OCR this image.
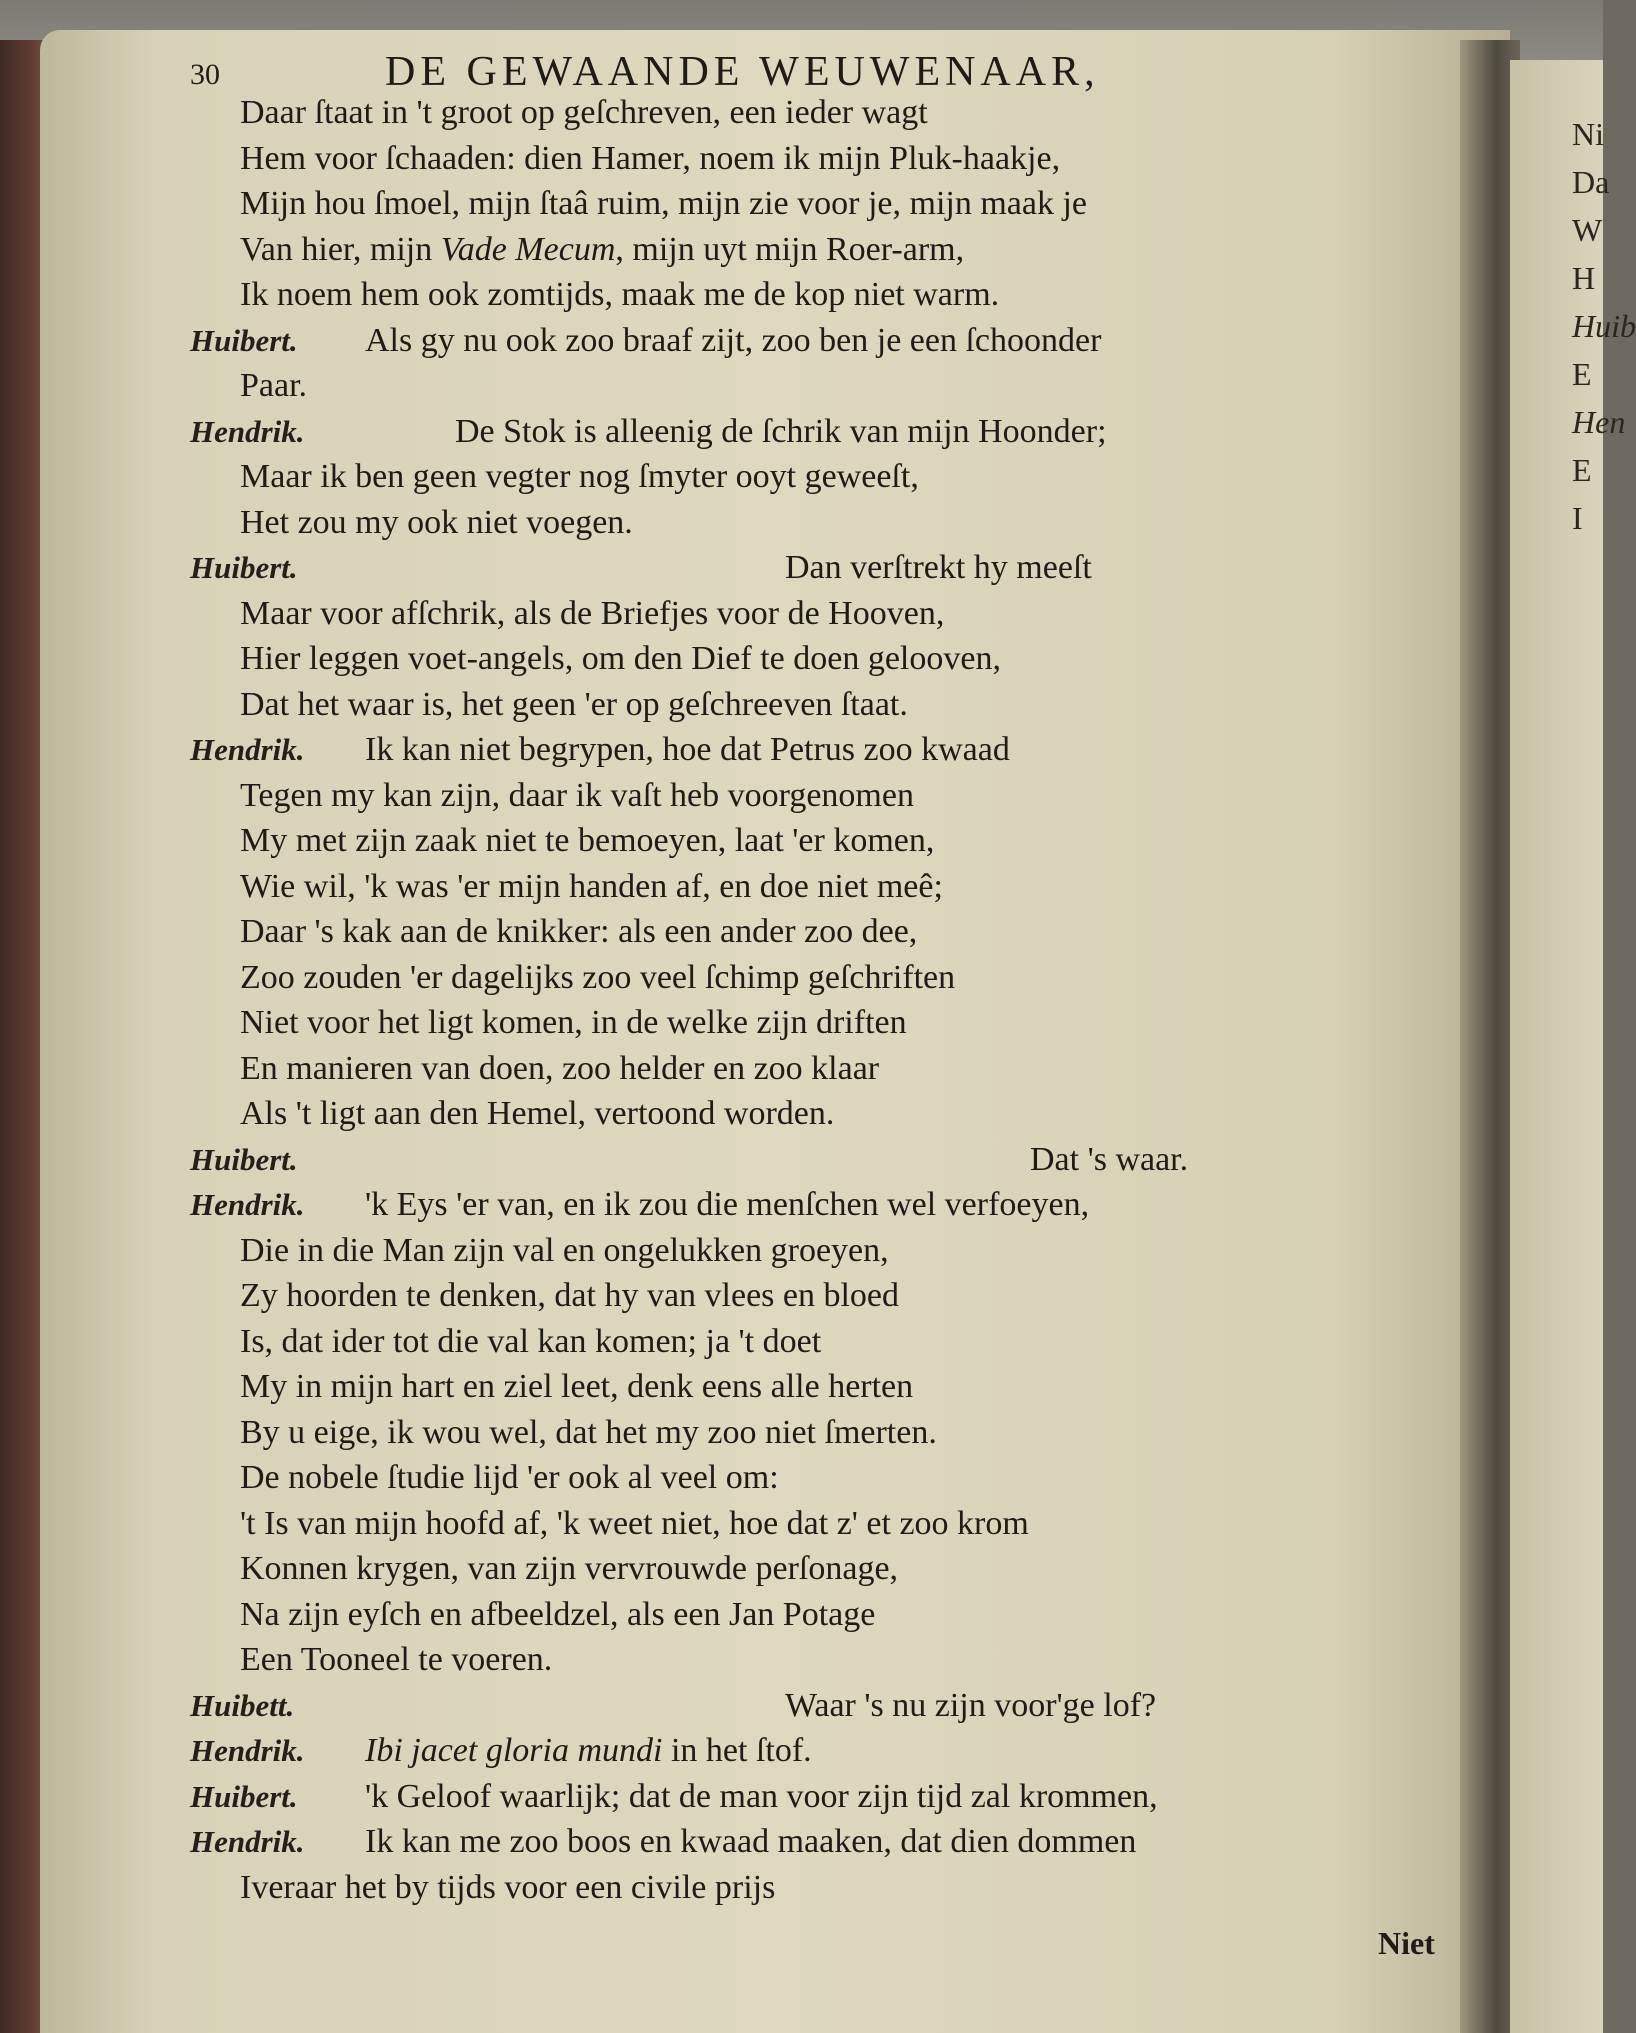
Ni
Da
W
H
Huib
E
Hen
E
I
30	DE GEWAANDE WEUWENAAR,
Daar ſtaat in 't groot op geſchreven, een ieder wagt
Hem voor ſchaaden: dien Hamer, noem ik mijn Pluk-haakje,
Mijn hou ſmoel, mijn ſtaâ ruim, mijn zie voor je, mijn maak je
Van hier, mijn Vade Mecum, mijn uyt mijn Roer-arm,
Ik noem hem ook zomtijds, maak me de kop niet warm.
Huibert. Als gy nu ook zoo braaf zijt, zoo ben je een ſchoonder
Paar.
Hendrik.	De Stok is alleenig de ſchrik van mijn Hoonder;
Maar ik ben geen vegter nog ſmyter ooyt geweeſt,
Het zou my ook niet voegen.
Huibert.	Dan verſtrekt hy meeſt
Maar voor afſchrik, als de Briefjes voor de Hooven,
Hier leggen voet-angels, om den Dief te doen gelooven,
Dat het waar is, het geen 'er op geſchreeven ſtaat.
Hendrik. Ik kan niet begrypen, hoe dat Petrus zoo kwaad
Tegen my kan zijn, daar ik vaſt heb voorgenomen
My met zijn zaak niet te bemoeyen, laat 'er komen,
Wie wil, 'k was 'er mijn handen af, en doe niet meê;
Daar 's kak aan de knikker: als een ander zoo dee,
Zoo zouden 'er dagelijks zoo veel ſchimp geſchriften
Niet voor het ligt komen, in de welke zijn driften
En manieren van doen, zoo helder en zoo klaar
Als 't ligt aan den Hemel, vertoond worden.
Huibert.	Dat 's waar.
Hendrik. 'k Eys 'er van, en ik zou die menſchen wel verfoeyen,
Die in die Man zijn val en ongelukken groeyen,
Zy hoorden te denken, dat hy van vlees en bloed
Is, dat ider tot die val kan komen; ja 't doet
My in mijn hart en ziel leet, denk eens alle herten
By u eige, ik wou wel, dat het my zoo niet ſmerten.
De nobele ſtudie lijd 'er ook al veel om:
't Is van mijn hoofd af, 'k weet niet, hoe dat z' et zoo krom
Konnen krygen, van zijn vervrouwde perſonage,
Na zijn eyſch en afbeeldzel, als een Jan Potage
Een Tooneel te voeren.
Huibett.	Waar 's nu zijn voor'ge lof?
Hendrik. Ibi jacet gloria mundi in het ſtof.
Huibert. 'k Geloof waarlijk; dat de man voor zijn tijd zal krommen,
Hendrik. Ik kan me zoo boos en kwaad maaken, dat dien dommen
Iveraar het by tijds voor een civile prijs
Niet
